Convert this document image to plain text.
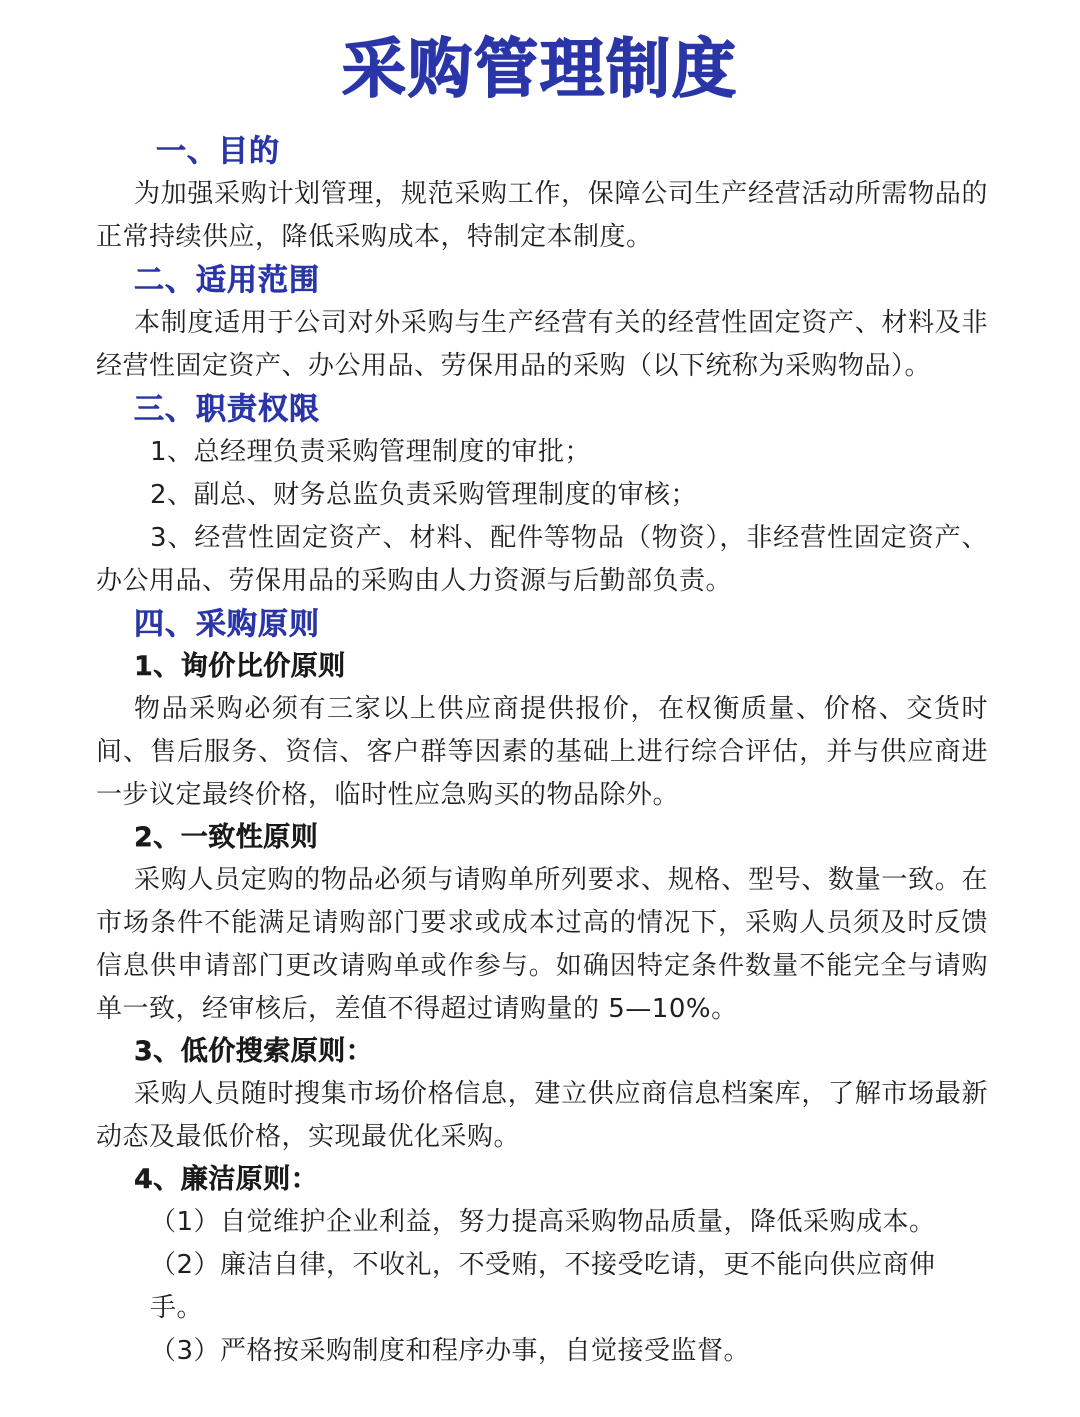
采购管理制度
一、目的

为加强采购计划管理，规范采购工作，保障公司生产经营活动所需物品的正常持续供应，降低采购成本，特制定本制度。

二、适用范围

本制度适用于公司对外采购与生产经营有关的经营性固定资产、材料及非经营性固定资产、办公用品、劳保用品的采购（以下统称为采购物品）。

三、职责权限

1、总经理负责采购管理制度的审批；

2、副总、财务总监负责采购管理制度的审核；

3、经营性固定资产、材料、配件等物品（物资），非经营性固定资产、办公用品、劳保用品的采购由人力资源与后勤部负责。

四、采购原则
1、询价比价原则

物品采购必须有三家以上供应商提供报价，在权衡质量、价格、交货时间、售后服务、资信、客户群等因素的基础上进行综合评估，并与供应商进一步议定最终价格，临时性应急购买的物品除外。

2、一致性原则

采购人员定购的物品必须与请购单所列要求、规格、型号、数量一致。在市场条件不能满足请购部门要求或成本过高的情况下，采购人员须及时反馈信息供申请部门更改请购单或作参与。如确因特定条件数量不能完全与请购单一致，经审核后，差值不得超过请购量的 5—10%。

3、低价搜索原则：

采购人员随时搜集市场价格信息，建立供应商信息档案库，了解市场最新动态及最低价格，实现最优化采购。

4、廉洁原则：

（1）自觉维护企业利益，努力提高采购物品质量，降低采购成本。

（2）廉洁自律，不收礼，不受贿，不接受吃请，更不能向供应商伸手。

（3）严格按采购制度和程序办事，自觉接受监督。
